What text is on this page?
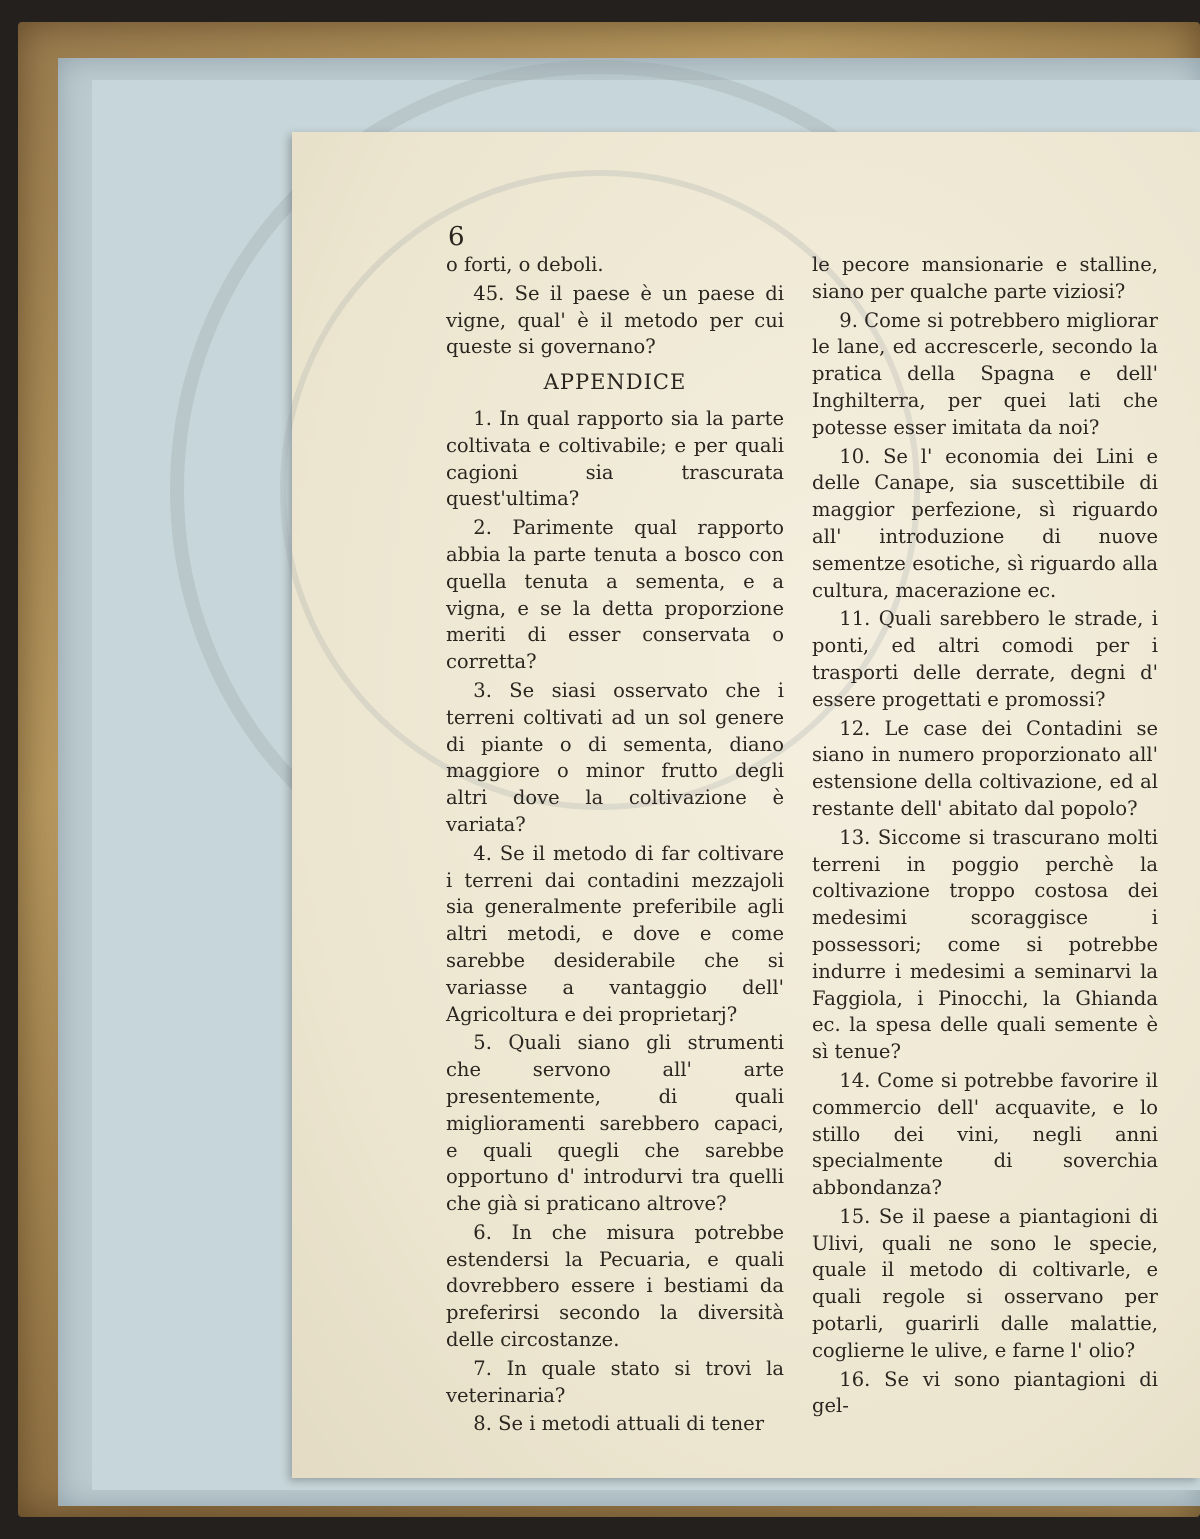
6

o forti, o deboli.

45. Se il paese è un paese di vigne, qual' è il metodo per cui queste si governano?

APPENDICE

1. In qual rapporto sia la parte coltivata e coltivabile; e per quali cagioni sia trascurata quest'ultima?

2. Parimente qual rapporto abbia la parte tenuta a bosco con quella tenuta a sementa, e a vigna, e se la detta proporzione meriti di esser conservata o corretta?

3. Se siasi osservato che i terreni coltivati ad un sol genere di piante o di sementa, diano maggiore o minor frutto degli altri dove la coltivazione è variata?

4. Se il metodo di far coltivare i terreni dai contadini mezzajoli sia generalmente preferibile agli altri metodi, e dove e come sarebbe desiderabile che si variasse a vantaggio dell' Agricoltura e dei proprietarj?

5. Quali siano gli strumenti che servono all' arte presentemente, di quali miglioramenti sarebbero capaci, e quali quegli che sarebbe opportuno d' introdurvi tra quelli che già si praticano altrove?

6. In che misura potrebbe estendersi la Pecuaria, e quali dovrebbero essere i bestiami da preferirsi secondo la diversità delle circostanze.

7. In quale stato si trovi la veterinaria?

8. Se i metodi attuali di tener

le pecore mansionarie e stalline, siano per qualche parte viziosi?

9. Come si potrebbero migliorar le lane, ed accrescerle, secondo la pratica della Spagna e dell' Inghilterra, per quei lati che potesse esser imitata da noi?

10. Se l' economia dei Lini e delle Canape, sia suscettibile di maggior perfezione, sì riguardo all' introduzione di nuove sementze esotiche, sì riguardo alla cultura, macerazione ec.

11. Quali sarebbero le strade, i ponti, ed altri comodi per i trasporti delle derrate, degni d' essere progettati e promossi?

12. Le case dei Contadini se siano in numero proporzionato all' estensione della coltivazione, ed al restante dell' abitato dal popolo?

13. Siccome si trascurano molti terreni in poggio perchè la coltivazione troppo costosa dei medesimi scoraggisce i possessori; come si potrebbe indurre i medesimi a seminarvi la Faggiola, i Pinocchi, la Ghianda ec. la spesa delle quali semente è sì tenue?

14. Come si potrebbe favorire il commercio dell' acquavite, e lo stillo dei vini, negli anni specialmente di soverchia abbondanza?

15. Se il paese a piantagioni di Ulivi, quali ne sono le specie, quale il metodo di coltivarle, e quali regole si osservano per potarli, guarirli dalle malattie, coglierne le ulive, e farne l' olio?

16. Se vi sono piantagioni di gel-
